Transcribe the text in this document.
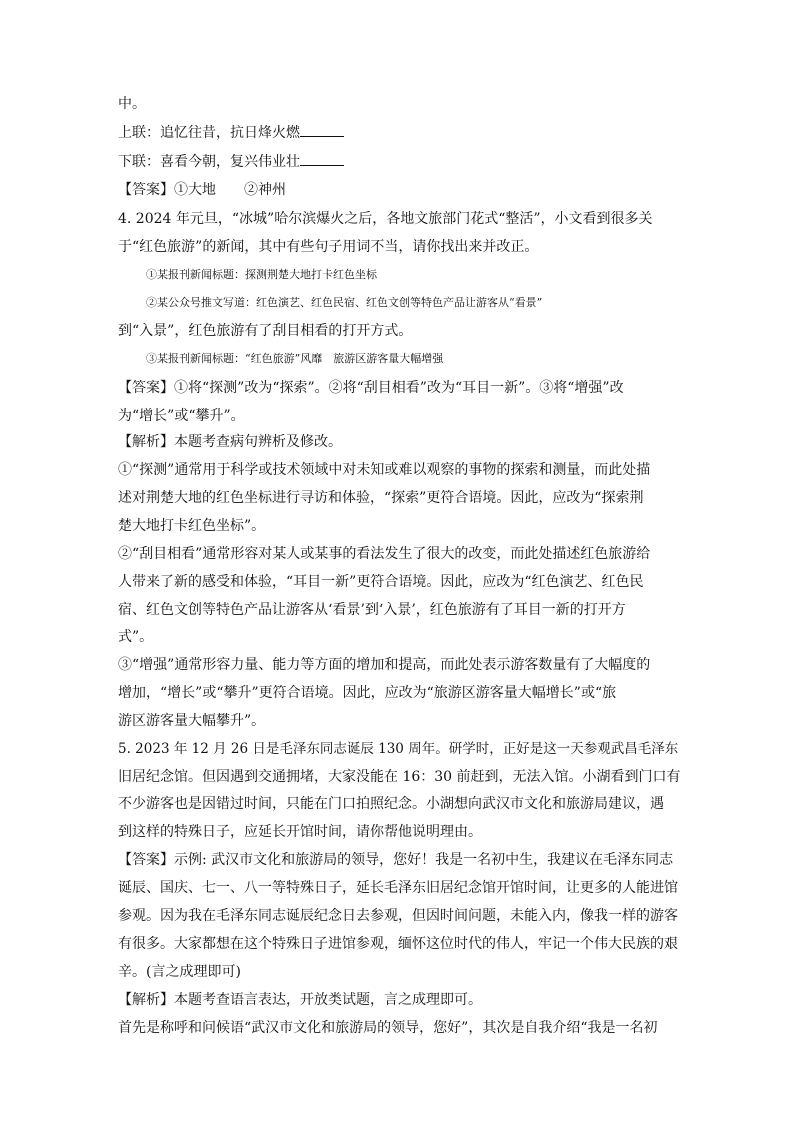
中。
上联：追忆往昔，抗日烽火燃
下联：喜看今朝，复兴伟业壮
【答案】①大地　　②神州
4. 2024 年元旦，“冰城”哈尔滨爆火之后，各地文旅部门花式“整活”，小文看到很多关
于“红色旅游”的新闻，其中有些句子用词不当，请你找出来并改正。
①某报刊新闻标题：探测荆楚大地打卡红色坐标
②某公众号推文写道：红色演艺、红色民宿、红色文创等特色产品让游客从“看景”
到“入景”，红色旅游有了刮目相看的打开方式。
③某报刊新闻标题：“红色旅游”风靡　旅游区游客量大幅增强
【答案】①将“探测”改为“探索”。②将“刮目相看”改为“耳目一新”。③将“增强”改
为“增长”或“攀升”。
【解析】本题考查病句辨析及修改。
①“探测”通常用于科学或技术领域中对未知或难以观察的事物的探索和测量，而此处描
述对荆楚大地的红色坐标进行寻访和体验，“探索”更符合语境。因此，应改为“探索荆
楚大地打卡红色坐标”。
②“刮目相看”通常形容对某人或某事的看法发生了很大的改变，而此处描述红色旅游给
人带来了新的感受和体验，“耳目一新”更符合语境。因此，应改为“红色演艺、红色民
宿、红色文创等特色产品让游客从‘看景’到‘入景’，红色旅游有了耳目一新的打开方
式”。
③“增强”通常形容力量、能力等方面的增加和提高，而此处表示游客数量有了大幅度的
增加，“增长”或“攀升”更符合语境。因此，应改为“旅游区游客量大幅增长”或“旅
游区游客量大幅攀升”。
5. 2023 年 12 月 26 日是毛泽东同志诞辰 130 周年。研学时，正好是这一天参观武昌毛泽东
旧居纪念馆。但因遇到交通拥堵，大家没能在 16：30 前赶到，无法入馆。小湖看到门口有
不少游客也是因错过时间，只能在门口拍照纪念。小湖想向武汉市文化和旅游局建议，遇
到这样的特殊日子，应延长开馆时间，请你帮他说明理由。
【答案】示例: 武汉市文化和旅游局的领导，您好！我是一名初中生，我建议在毛泽东同志
诞辰、国庆、七一、八一等特殊日子，延长毛泽东旧居纪念馆开馆时间，让更多的人能进馆
参观。因为我在毛泽东同志诞辰纪念日去参观，但因时间问题，未能入内，像我一样的游客
有很多。大家都想在这个特殊日子进馆参观，缅怀这位时代的伟人，牢记一个伟大民族的艰
辛。(言之成理即可)
【解析】本题考查语言表达，开放类试题，言之成理即可。
首先是称呼和问候语“武汉市文化和旅游局的领导，您好”，其次是自我介绍“我是一名初
